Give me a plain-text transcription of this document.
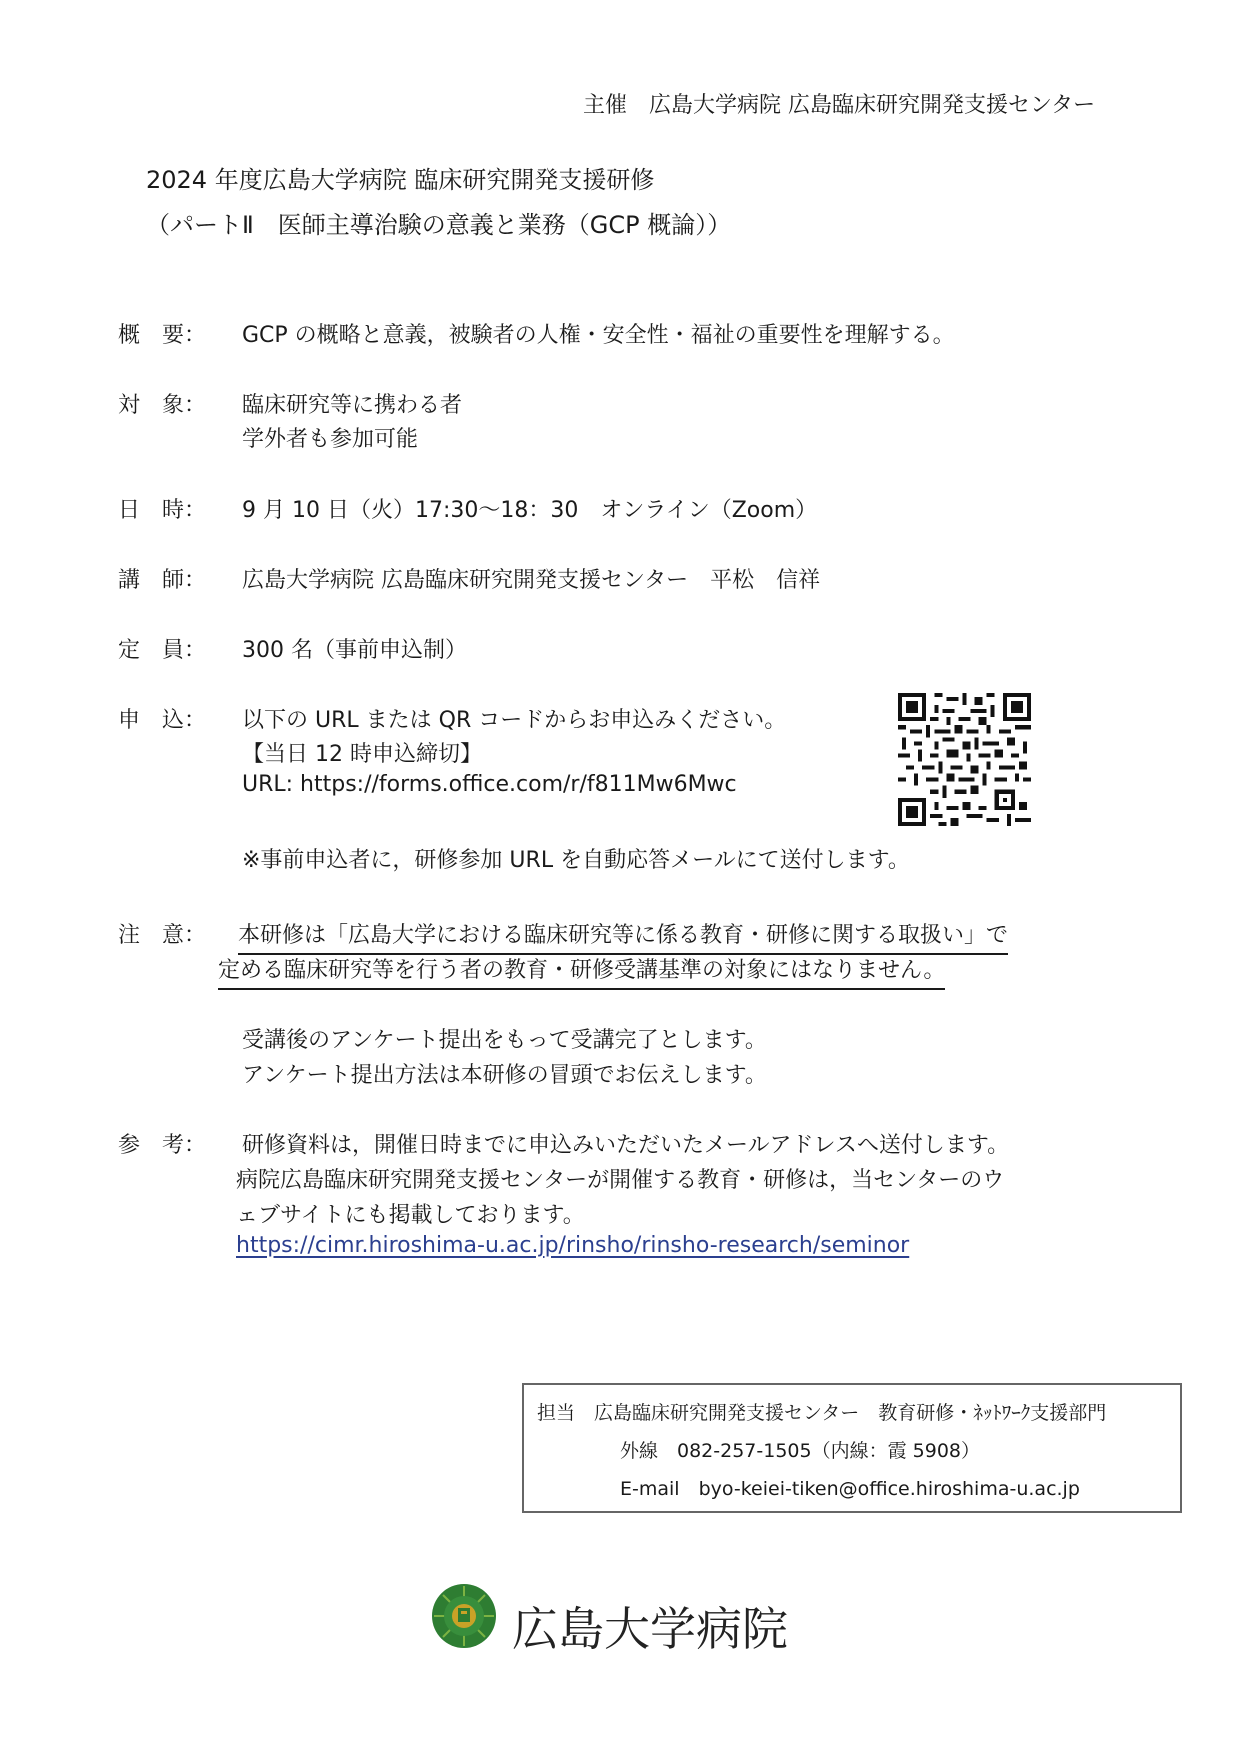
主催　広島大学病院 広島臨床研究開発支援センター
2024 年度広島大学病院 臨床研究開発支援研修
（パートⅡ　医師主導治験の意義と業務（GCP 概論））
概　要： GCP の概略と意義，被験者の人権・安全性・福祉の重要性を理解する。
対　象： 臨床研究等に携わる者
学外者も参加可能
日　時： 9 月 10 日（火）17:30～18：30　オンライン（Zoom）
講　師： 広島大学病院 広島臨床研究開発支援センター　平松　信祥
定　員： 300 名（事前申込制）
申　込： 以下の URL または QR コードからお申込みください。
【当日 12 時申込締切】
URL: https://forms.office.com/r/f811Mw6Mwc
※事前申込者に，研修参加 URL を自動応答メールにて送付します。
注　意： 本研修は「広島大学における臨床研究等に係る教育・研修に関する取扱い」で
定める臨床研究等を行う者の教育・研修受講基準の対象にはなりません。
受講後のアンケート提出をもって受講完了とします。
アンケート提出方法は本研修の冒頭でお伝えします。
参　考： 研修資料は，開催日時までに申込みいただいたメールアドレスへ送付します。
病院広島臨床研究開発支援センターが開催する教育・研修は，当センターのウ
ェブサイトにも掲載しております。
https://cimr.hiroshima-u.ac.jp/rinsho/rinsho-research/seminor
担当　広島臨床研究開発支援センター　教育研修・ﾈｯﾄﾜｰｸ支援部門
外線　082-257-1505（内線：霞 5908）
E-mail　byo-keiei-tiken@office.hiroshima-u.ac.jp
広島大学病院
